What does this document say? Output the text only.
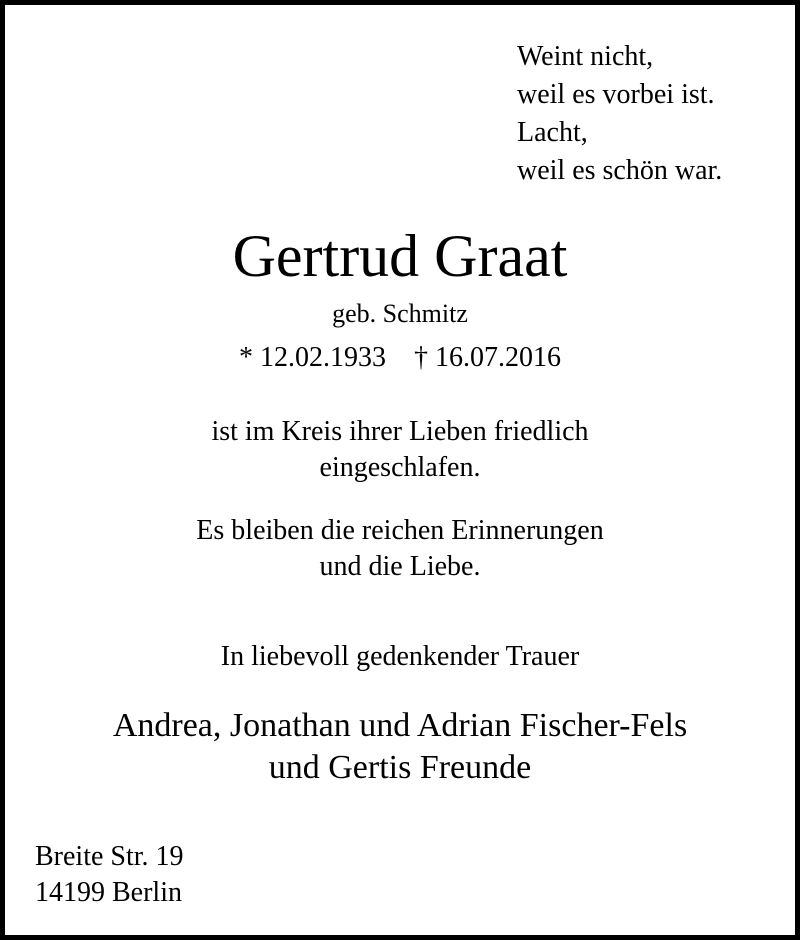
Weint nicht,
weil es vorbei ist.
Lacht,
weil es schön war.
Gertrud Graat
geb. Schmitz
* 12.02.1933 † 16.07.2016
ist im Kreis ihrer Lieben friedlich
eingeschlafen.
Es bleiben die reichen Erinnerungen
und die Liebe.
In liebevoll gedenkender Trauer
Andrea, Jonathan und Adrian Fischer-Fels
und Gertis Freunde
Breite Str. 19
14199 Berlin
